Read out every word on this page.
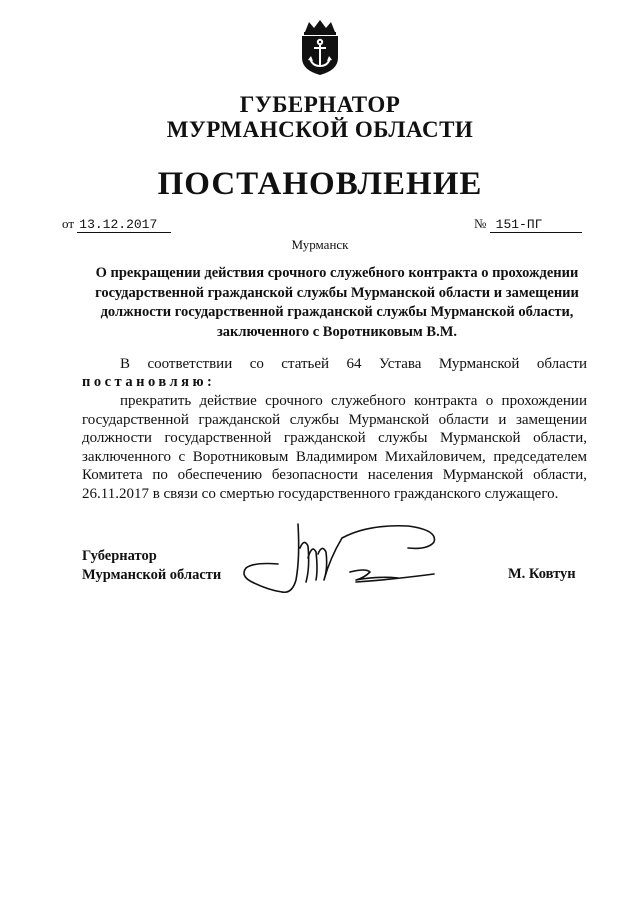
ГУБЕРНАТОР
МУРМАНСКОЙ ОБЛАСТИ
ПОСТАНОВЛЕНИЕ
от 13.12.2017	№ 151-ПГ
Мурманск
О прекращении действия срочного служебного контракта о прохождении государственной гражданской службы Мурманской области и замещении должности государственной гражданской службы Мурманской области, заключенного с Воротниковым В.М.
В соответствии со статьей 64 Устава Мурманской области
постановляю:
прекратить действие срочного служебного контракта о прохождении государственной гражданской службы Мурманской области и замещении должности государственной гражданской службы Мурманской области, заключенного с Воротниковым Владимиром Михайловичем, председателем Комитета по обеспечению безопасности населения Мурманской области, 26.11.2017 в связи со смертью государственного гражданского служащего.
Губернатор
Мурманской области	М. Ковтун
